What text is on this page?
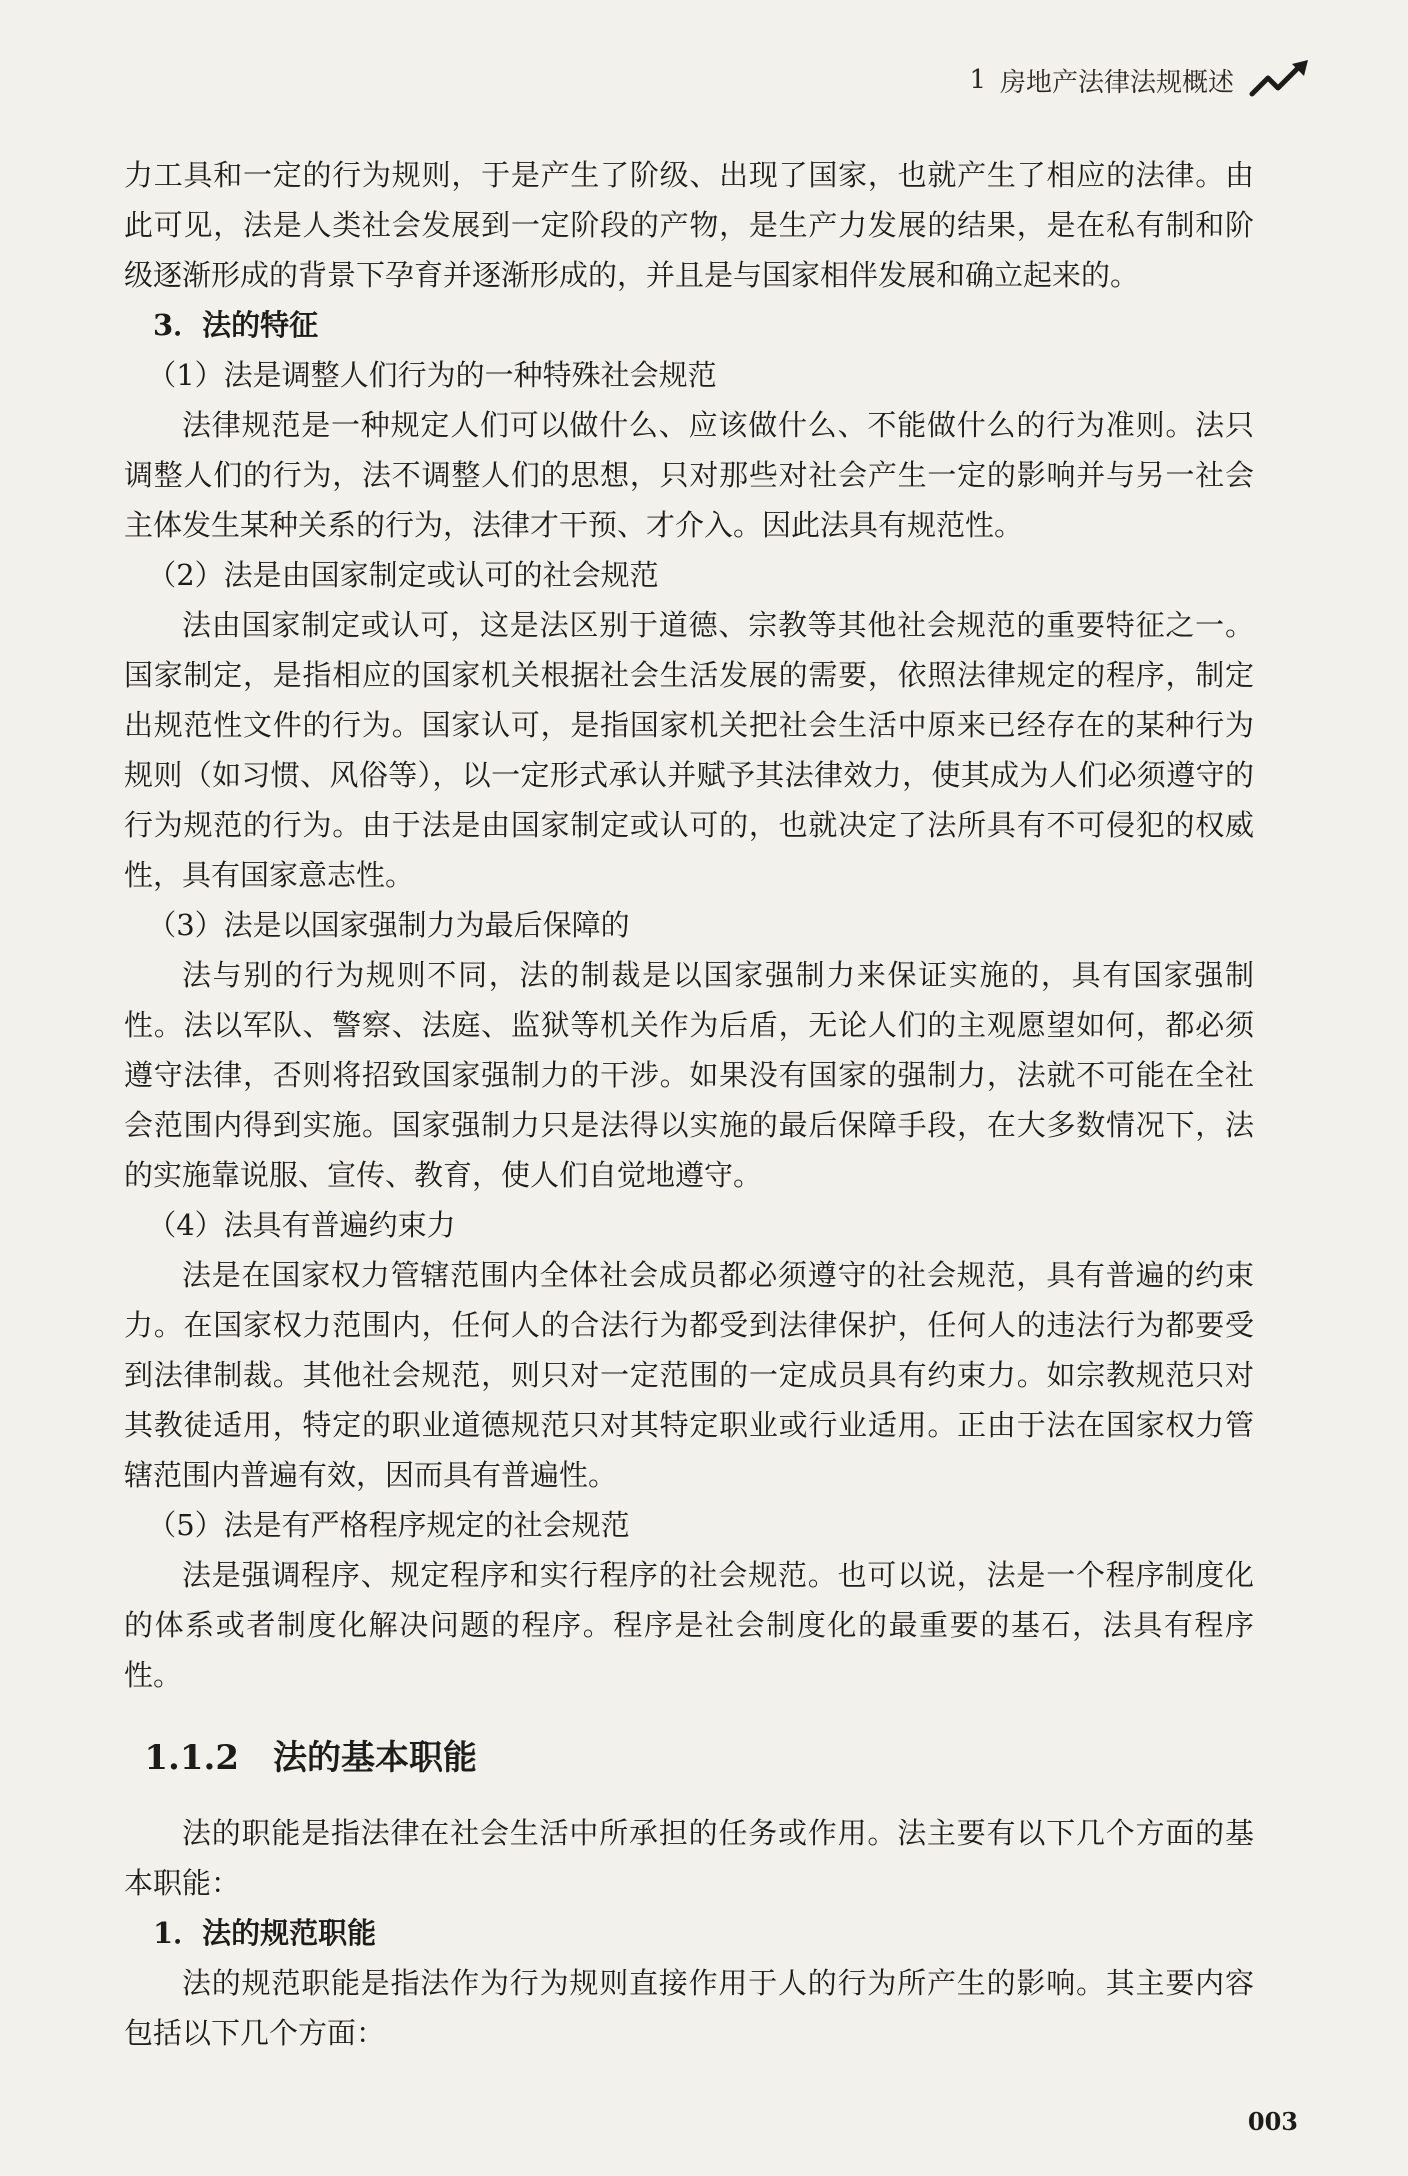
1 房地产法律法规概述

力工具和一定的行为规则，于是产生了阶级、出现了国家，也就产生了相应的法律。由此可见，法是人类社会发展到一定阶段的产物，是生产力发展的结果，是在私有制和阶级逐渐形成的背景下孕育并逐渐形成的，并且是与国家相伴发展和确立起来的。

3．法的特征

（1）法是调整人们行为的一种特殊社会规范

法律规范是一种规定人们可以做什么、应该做什么、不能做什么的行为准则。法只调整人们的行为，法不调整人们的思想，只对那些对社会产生一定的影响并与另一社会主体发生某种关系的行为，法律才干预、才介入。因此法具有规范性。

（2）法是由国家制定或认可的社会规范

法由国家制定或认可，这是法区别于道德、宗教等其他社会规范的重要特征之一。国家制定，是指相应的国家机关根据社会生活发展的需要，依照法律规定的程序，制定出规范性文件的行为。国家认可，是指国家机关把社会生活中原来已经存在的某种行为规则（如习惯、风俗等），以一定形式承认并赋予其法律效力，使其成为人们必须遵守的行为规范的行为。由于法是由国家制定或认可的，也就决定了法所具有不可侵犯的权威性，具有国家意志性。

（3）法是以国家强制力为最后保障的

法与别的行为规则不同，法的制裁是以国家强制力来保证实施的，具有国家强制性。法以军队、警察、法庭、监狱等机关作为后盾，无论人们的主观愿望如何，都必须遵守法律，否则将招致国家强制力的干涉。如果没有国家的强制力，法就不可能在全社会范围内得到实施。国家强制力只是法得以实施的最后保障手段，在大多数情况下，法的实施靠说服、宣传、教育，使人们自觉地遵守。

（4）法具有普遍约束力

法是在国家权力管辖范围内全体社会成员都必须遵守的社会规范，具有普遍的约束力。在国家权力范围内，任何人的合法行为都受到法律保护，任何人的违法行为都要受到法律制裁。其他社会规范，则只对一定范围的一定成员具有约束力。如宗教规范只对其教徒适用，特定的职业道德规范只对其特定职业或行业适用。正由于法在国家权力管辖范围内普遍有效，因而具有普遍性。

（5）法是有严格程序规定的社会规范

法是强调程序、规定程序和实行程序的社会规范。也可以说，法是一个程序制度化的体系或者制度化解决问题的程序。程序是社会制度化的最重要的基石，法具有程序性。

1.1.2　法的基本职能

法的职能是指法律在社会生活中所承担的任务或作用。法主要有以下几个方面的基本职能：

1．法的规范职能

法的规范职能是指法作为行为规则直接作用于人的行为所产生的影响。其主要内容包括以下几个方面：

003
